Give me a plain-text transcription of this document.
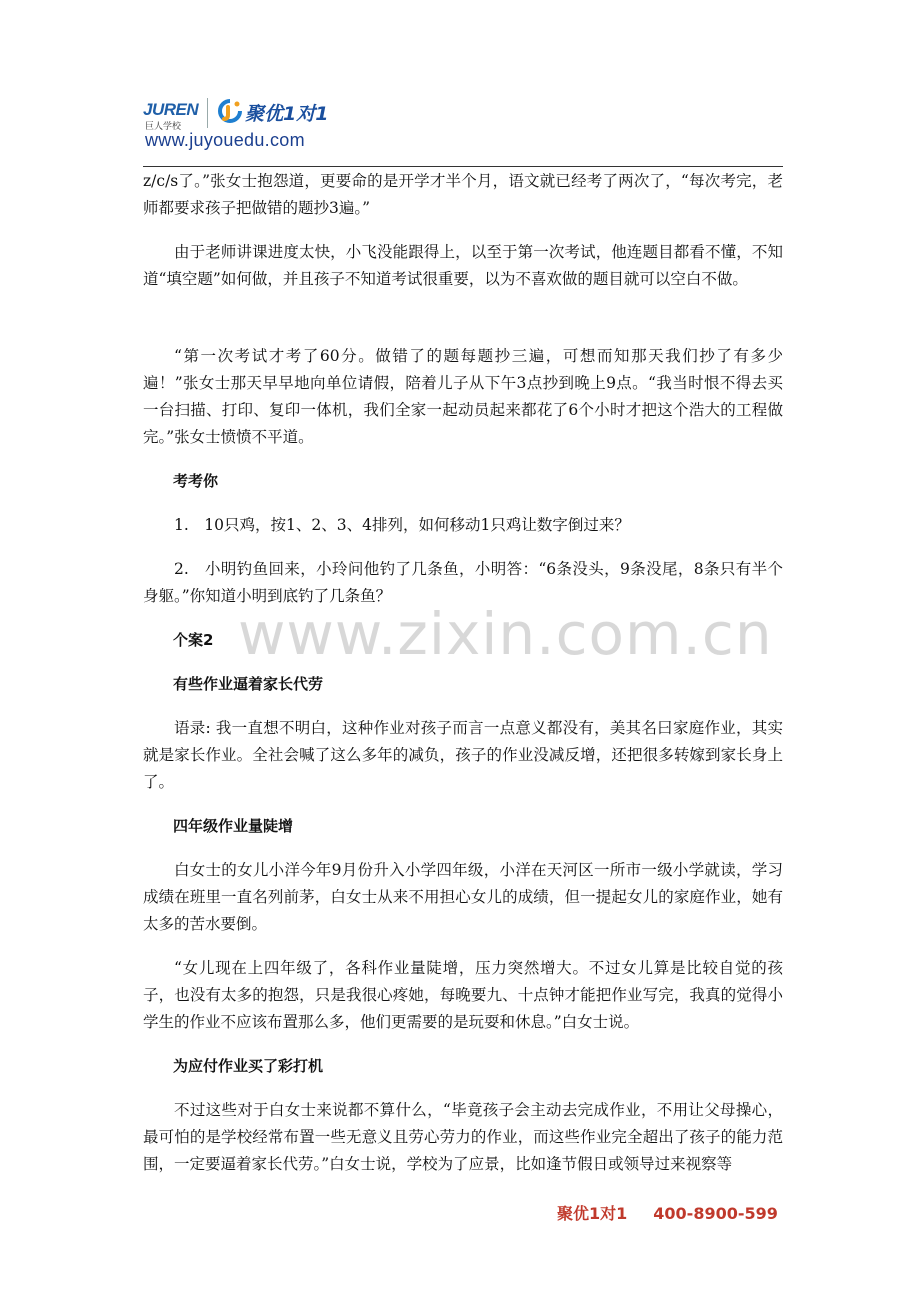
JUREN
巨人学校
聚优1对1
www.juyouedu.com
z/c/s了。”张女士抱怨道，更要命的是开学才半个月，语文就已经考了两次了，“每次考完，老师都要求孩子把做错的题抄3遍。”
由于老师讲课进度太快，小飞没能跟得上，以至于第一次考试，他连题目都看不懂，不知道“填空题”如何做，并且孩子不知道考试很重要，以为不喜欢做的题目就可以空白不做。
“第一次考试才考了60分。做错了的题每题抄三遍，可想而知那天我们抄了有多少遍！”张女士那天早早地向单位请假，陪着儿子从下午3点抄到晚上9点。“我当时恨不得去买一台扫描、打印、复印一体机，我们全家一起动员起来都花了6个小时才把这个浩大的工程做完。”张女士愤愤不平道。
考考你
1.　10只鸡，按1、2、3、4排列，如何移动1只鸡让数字倒过来？
2.　小明钓鱼回来，小玲问他钓了几条鱼，小明答：“6条没头，9条没尾，8条只有半个身躯。”你知道小明到底钓了几条鱼？
个案2
有些作业逼着家长代劳
语录: 我一直想不明白，这种作业对孩子而言一点意义都没有，美其名曰家庭作业，其实就是家长作业。全社会喊了这么多年的减负，孩子的作业没减反增，还把很多转嫁到家长身上了。
四年级作业量陡增
白女士的女儿小洋今年9月份升入小学四年级，小洋在天河区一所市一级小学就读，学习成绩在班里一直名列前茅，白女士从来不用担心女儿的成绩，但一提起女儿的家庭作业，她有太多的苦水要倒。
“女儿现在上四年级了，各科作业量陡增，压力突然增大。不过女儿算是比较自觉的孩子，也没有太多的抱怨，只是我很心疼她，每晚要九、十点钟才能把作业写完，我真的觉得小学生的作业不应该布置那么多，他们更需要的是玩耍和休息。”白女士说。
为应付作业买了彩打机
不过这些对于白女士来说都不算什么，“毕竟孩子会主动去完成作业，不用让父母操心，最可怕的是学校经常布置一些无意义且劳心劳力的作业，而这些作业完全超出了孩子的能力范围，一定要逼着家长代劳。”白女士说，学校为了应景，比如逢节假日或领导过来视察等
www.zixin.com.cn
聚优1对1 400-8900-599
